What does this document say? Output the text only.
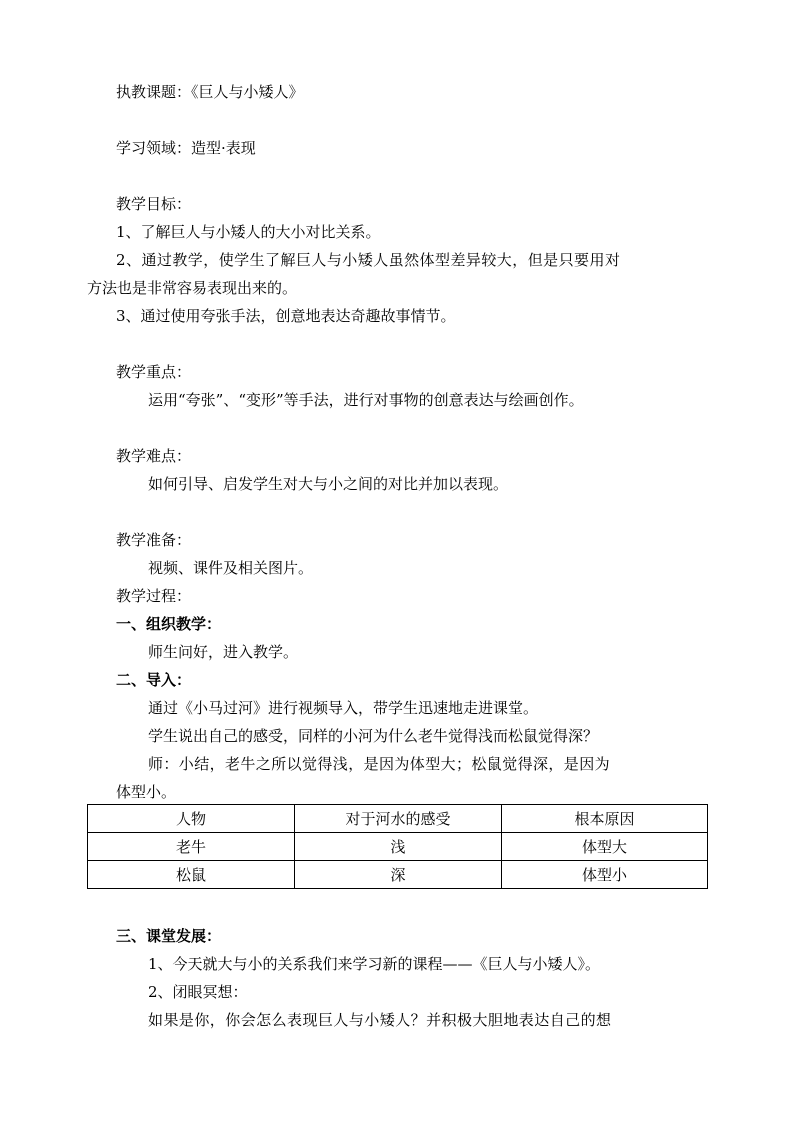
执教课题：《巨人与小矮人》
学习领域：造型·表现
教学目标：
1、了解巨人与小矮人的大小对比关系。
2、通过教学，使学生了解巨人与小矮人虽然体型差异较大，但是只要用对
方法也是非常容易表现出来的。
3、通过使用夸张手法，创意地表达奇趣故事情节。
教学重点：
运用“夸张”、“变形”等手法，进行对事物的创意表达与绘画创作。
教学难点：
如何引导、启发学生对大与小之间的对比并加以表现。
教学准备：
视频、课件及相关图片。
教学过程：
一、组织教学：
师生问好，进入教学。
二、导入：
通过《小马过河》进行视频导入，带学生迅速地走进课堂。
学生说出自己的感受，同样的小河为什么老牛觉得浅而松鼠觉得深？
师：小结，老牛之所以觉得浅，是因为体型大；松鼠觉得深，是因为
体型小。
人物	对于河水的感受	根本原因
老牛	浅	体型大
松鼠	深	体型小
三、课堂发展：
1、今天就大与小的关系我们来学习新的课程——《巨人与小矮人》。
2、闭眼冥想：
如果是你，你会怎么表现巨人与小矮人？并积极大胆地表达自己的想
